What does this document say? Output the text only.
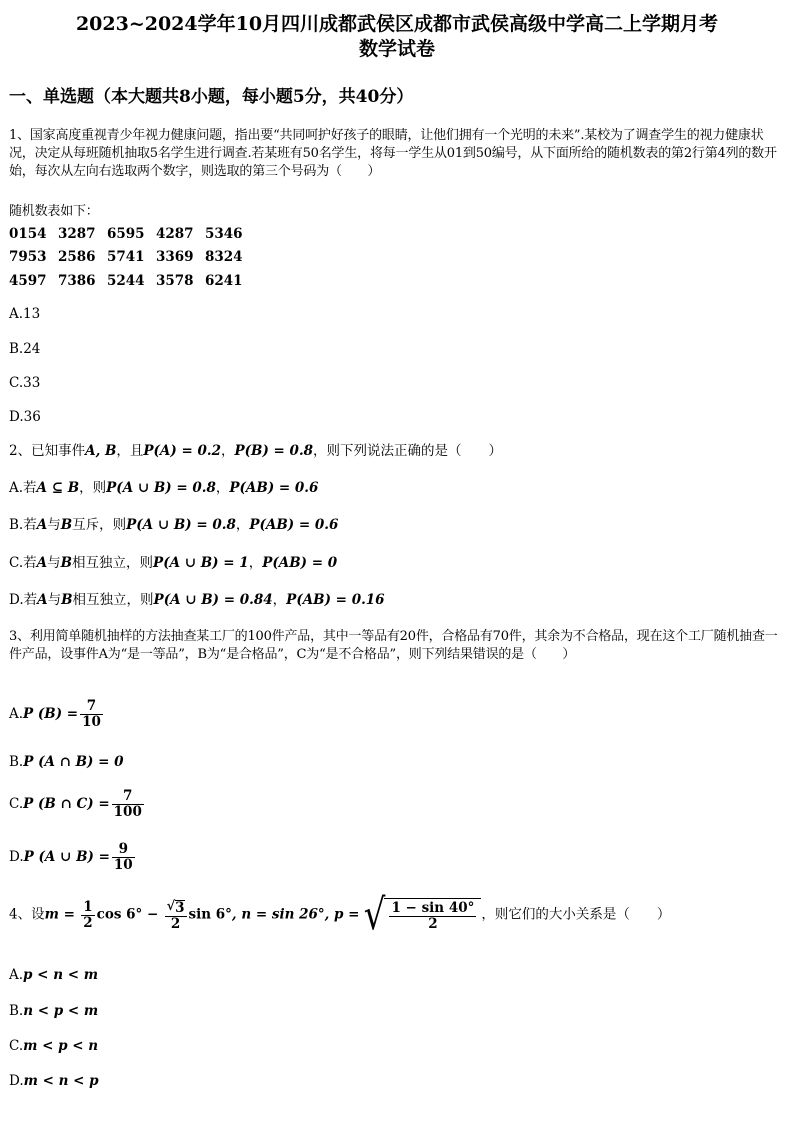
2023~2024学年10月四川成都武侯区成都市武侯高级中学高二上学期月考
数学试卷
一、单选题（本大题共8小题，每小题5分，共40分）
1、国家高度重视青少年视力健康问题，指出要“共同呵护好孩子的眼睛，让他们拥有一个光明的未来”.某校为了调查学生的视力健康状况，决定从每班随机抽取5名学生进行调查.若某班有50名学生，将每一学生从01到50编号，从下面所给的随机数表的第2行第4列的数开始，每次从左向右选取两个数字，则选取的第三个号码为（　　）
随机数表如下：
0154	3287	6595	4287	5346
7953	2586	5741	3369	8324
4597	7386	5244	3578	6241
A.13
B.24
C.33
D.36
2、已知事件A, B，且P(A) = 0.2，P(B) = 0.8，则下列说法正确的是（　　）
A.若A ⊆ B，则P(A ∪ B) = 0.8，P(AB) = 0.6
B.若A与B互斥，则P(A ∪ B) = 0.8，P(AB) = 0.6
C.若A与B相互独立，则P(A ∪ B) = 1，P(AB) = 0
D.若A与B相互独立，则P(A ∪ B) = 0.84，P(AB) = 0.16
3、利用简单随机抽样的方法抽查某工厂的100件产品，其中一等品有20件，合格品有70件，其余为不合格品，现在这个工厂随机抽查一件产品，设事件A为“是一等品”，B为“是合格品”，C为“是不合格品”，则下列结果错误的是（　　）
A.P $(B) = \frac{7}{10}$
B.P (A ∩ B) = 0
C.P (B ∩ $C) = \frac{7}{100}$
D.P (A ∪ $B) = \frac{9}{10}$
4、设$m = \frac{1}{2}$ $\cos 6^\circ - \frac{√ 3}{2}$ sin 6°, n = sin 26°, p = √ $\frac{1 - \sin 40^\circ}{2}$ ，则它们的大小关系是（　　）
A.p < n < m
B.n < p < m
C.m < p < n
D.m < n < p
